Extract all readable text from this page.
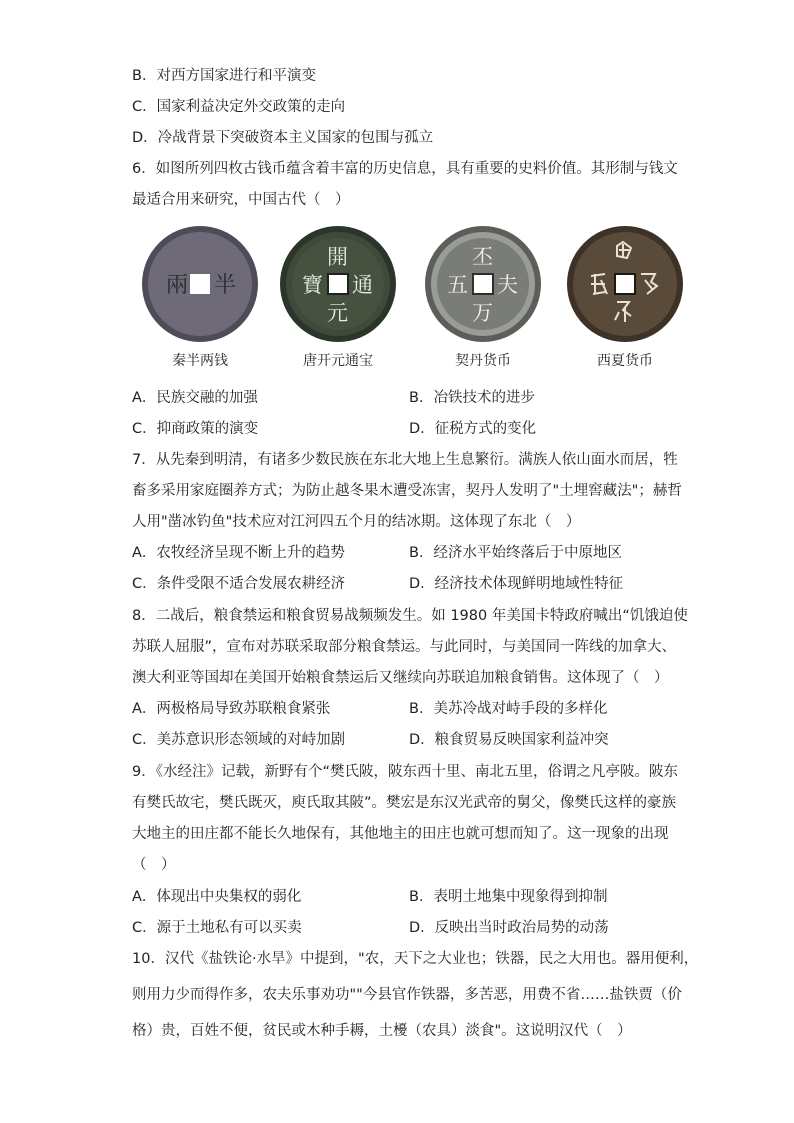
B．对西方国家进行和平演变
C．国家利益决定外交政策的走向
D．冷战背景下突破资本主义国家的包围与孤立
6．如图所列四枚古钱币蕴含着丰富的历史信息，具有重要的史料价值。其形制与钱文
最适合用来研究，中国古代（　）
兩 半
秦半两钱
開
通
元
寶
唐开元通宝
丕
夫
万
五
契丹货币	西夏货币
A．民族交融的加强	B．冶铁技术的进步
C．抑商政策的演变	D．征税方式的变化
7．从先秦到明清，有诸多少数民族在东北大地上生息繁衍。满族人依山面水而居，牲
畜多采用家庭圈养方式；为防止越冬果木遭受冻害，契丹人发明了"土埋窖藏法"；赫哲
人用"凿冰钓鱼"技术应对江河四五个月的结冰期。这体现了东北（　）
A．农牧经济呈现不断上升的趋势	B．经济水平始终落后于中原地区
C．条件受限不适合发展农耕经济	D．经济技术体现鲜明地域性特征
8．二战后，粮食禁运和粮食贸易战频频发生。如 1980 年美国卡特政府喊出“饥饿迫使
苏联人屈服”，宣布对苏联采取部分粮食禁运。与此同时，与美国同一阵线的加拿大、
澳大利亚等国却在美国开始粮食禁运后又继续向苏联追加粮食销售。这体现了（　）
A．两极格局导致苏联粮食紧张	B．美苏冷战对峙手段的多样化
C．美苏意识形态领域的对峙加剧	D．粮食贸易反映国家利益冲突
9．《水经注》记载，新野有个“樊氏陂，陂东西十里、南北五里，俗谓之凡亭陂。陂东
有樊氏故宅，樊氏既灭，庾氏取其陂”。樊宏是东汉光武帝的舅父，像樊氏这样的豪族
大地主的田庄都不能长久地保有，其他地主的田庄也就可想而知了。这一现象的出现
（　）
A．体现出中央集权的弱化	B．表明土地集中现象得到抑制
C．源于土地私有可以买卖	D．反映出当时政治局势的动荡
10．汉代《盐铁论·水旱》中提到，"农，天下之大业也；铁器，民之大用也。器用便利，
则用力少而得作多，农夫乐事劝功""今县官作铁器，多苦恶，用费不省……盐铁贾（价
格）贵，百姓不便，贫民或木种手耨，土櫌（农具）淡食"。这说明汉代（　）
